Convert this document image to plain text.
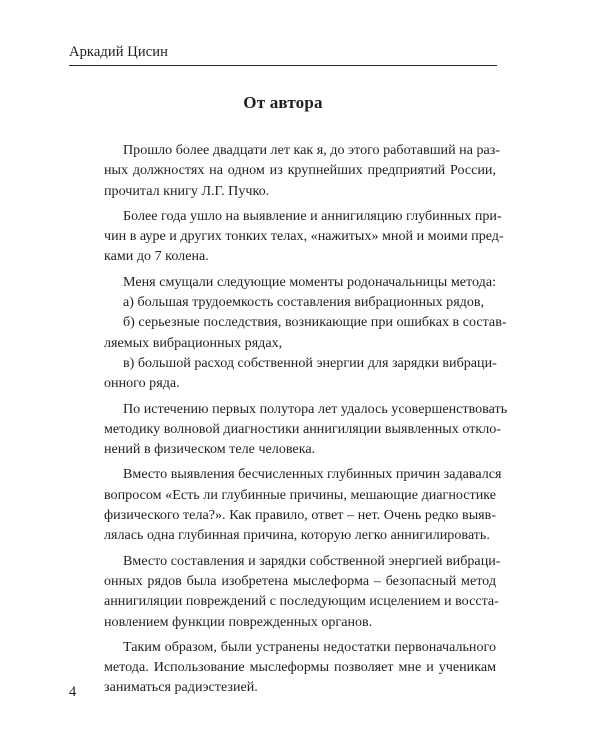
Аркадий Цисин
От автора

Прошло более двадцати лет как я, до этого работавший на раз-
ных должностях на одном из крупнейших предприятий России,
прочитал книгу Л.Г. Пучко.

Более года ушло на выявление и аннигиляцию глубинных при-
чин в ауре и других тонких телах, «нажитых» мной и моими пред-
ками до 7 колена.

Меня смущали следующие моменты родоначальницы метода:
а) большая трудоемкость составления вибрационных рядов,
б) серьезные последствия, возникающие при ошибках в состав-
ляемых вибрационных рядах,
в) большой расход собственной энергии для зарядки вибраци-
онного ряда.

По истечению первых полутора лет удалось усовершенствовать
методику волновой диагностики аннигиляции выявленных откло-
нений в физическом теле человека.

Вместо выявления бесчисленных глубинных причин задавался
вопросом «Есть ли глубинные причины, мешающие диагностике
физического тела?». Как правило, ответ – нет. Очень редко выяв-
лялась одна глубинная причина, которую легко аннигилировать.

Вместо составления и зарядки собственной энергией вибраци-
онных рядов была изобретена мыслеформа – безопасный метод
аннигиляции повреждений с последующим исцелением и восста-
новлением функции поврежденных органов.

Таким образом, были устранены недостатки первоначального
метода. Использование мыслеформы позволяет мне и ученикам
заниматься радиэстезией.

4
